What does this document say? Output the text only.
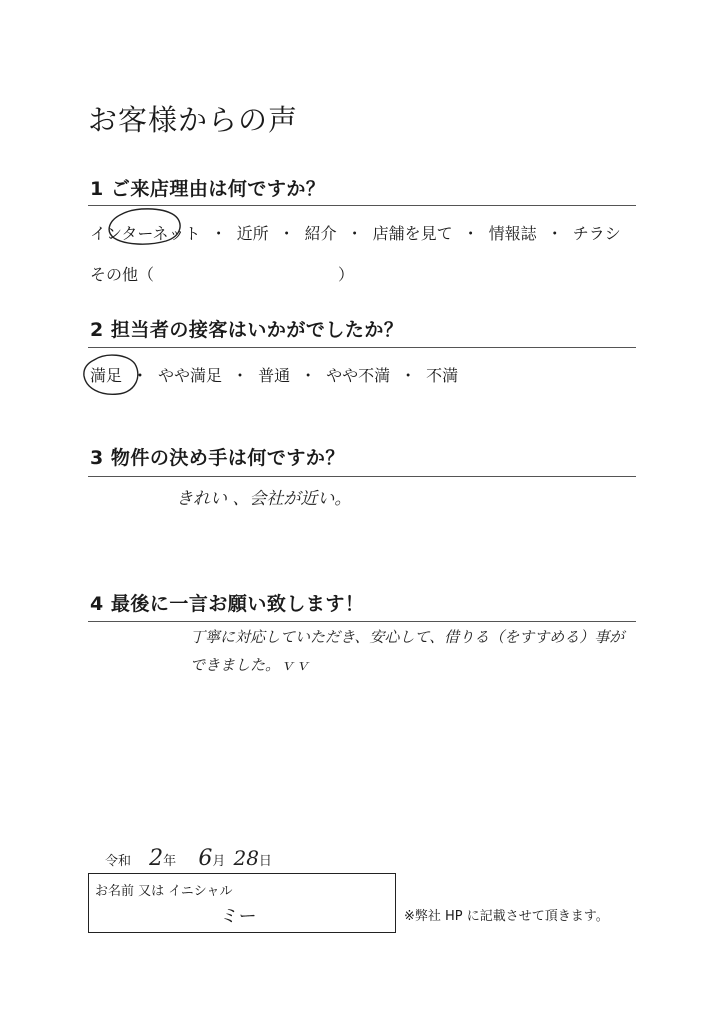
お客様からの声
1 ご来店理由は何ですか？
インターネット ・ 近所 ・ 紹介 ・ 店舗を見て ・ 情報誌 ・ チラシ
その他（	）
2 担当者の接客はいかがでしたか？
満足 ・ やや満足 ・ 普通 ・ やや不満 ・ 不満
3 物件の決め手は何ですか？
きれい 、会社が近い。
4 最後に一言お願い致します！
丁寧に対応していただき、安心して、借りる（をすすめる）事が
できました。ｖｖ
令和 2年 6月 28日
お名前 又は イニシャル
ミー	※弊社 HP に記載させて頂きます。
